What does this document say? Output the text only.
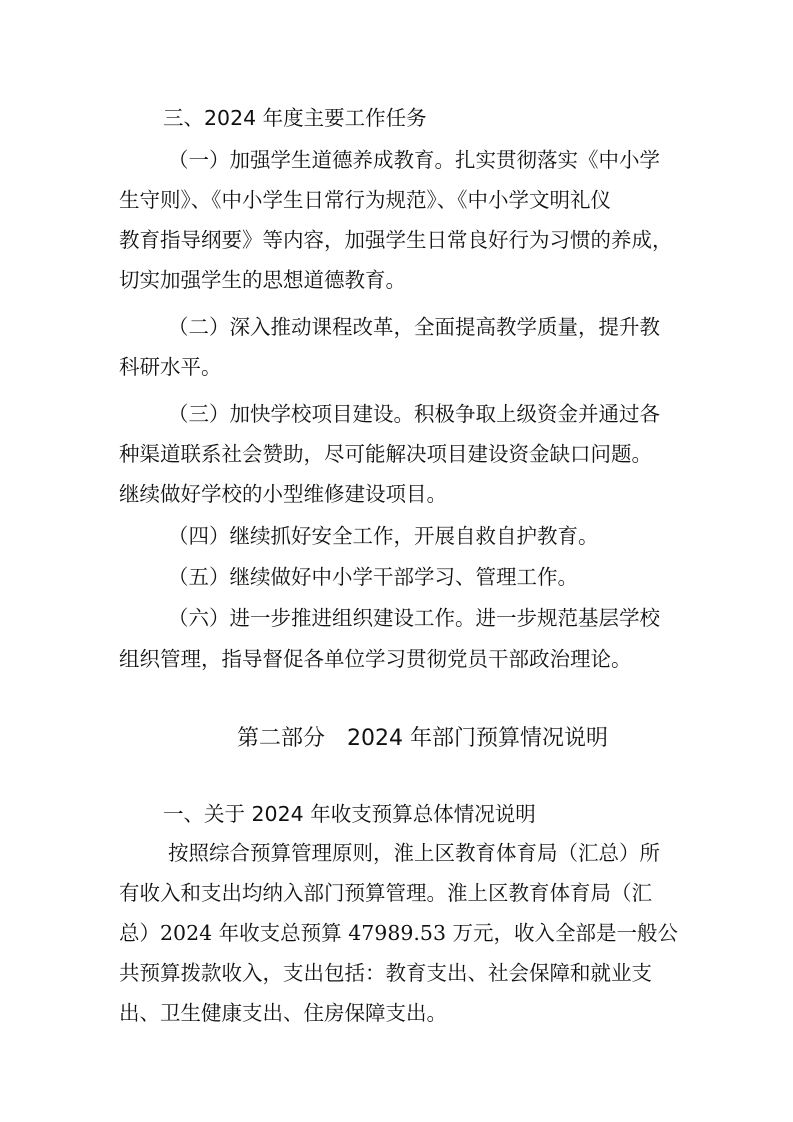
三、2024 年度主要工作任务
（一）加强学生道德养成教育。扎实贯彻落实《中小学
生守则》、《中小学生日常行为规范》、《中小学文明礼仪
教育指导纲要》等内容，加强学生日常良好行为习惯的养成，
切实加强学生的思想道德教育。
（二）深入推动课程改革，全面提高教学质量，提升教
科研水平。
（三）加快学校项目建设。积极争取上级资金并通过各
种渠道联系社会赞助，尽可能解决项目建设资金缺口问题。
继续做好学校的小型维修建设项目。
（四）继续抓好安全工作，开展自救自护教育。
（五）继续做好中小学干部学习、管理工作。
（六）进一步推进组织建设工作。进一步规范基层学校
组织管理，指导督促各单位学习贯彻党员干部政治理论。
第二部分　2024 年部门预算情况说明
一、关于 2024 年收支预算总体情况说明
按照综合预算管理原则，淮上区教育体育局（汇总）所
有收入和支出均纳入部门预算管理。淮上区教育体育局（汇
总）2024 年收支总预算 47989.53 万元，收入全部是一般公
共预算拨款收入，支出包括：教育支出、社会保障和就业支
出、卫生健康支出、住房保障支出。
